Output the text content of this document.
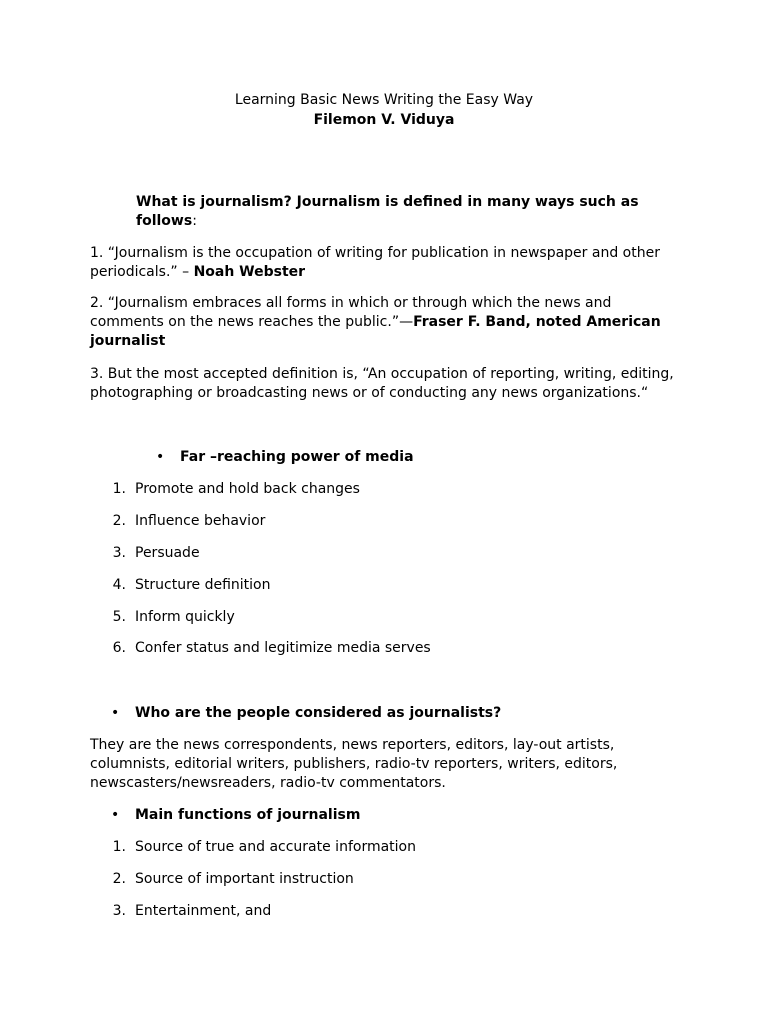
Learning Basic News Writing the Easy Way
Filemon V. Viduya
What is journalism? Journalism is defined in many ways such as follows:
1. “Journalism is the occupation of writing for publication in newspaper and other periodicals.” – Noah Webster
2. “Journalism embraces all forms in which or through which the news and comments on the news reaches the public.”—Fraser F. Band, noted American journalist
3. But the most accepted definition is, “An occupation of reporting, writing, editing, photographing or broadcasting news or of conducting any news organizations.“
• Far –reaching power of media
1. Promote and hold back changes
2. Influence behavior
3. Persuade
4. Structure definition
5. Inform quickly
6. Confer status and legitimize media serves
• Who are the people considered as journalists?
They are the news correspondents, news reporters, editors, lay-out artists, columnists, editorial writers, publishers, radio-tv reporters, writers, editors, newscasters/newsreaders, radio-tv commentators.
• Main functions of journalism
1. Source of true and accurate information
2. Source of important instruction
3. Entertainment, and
